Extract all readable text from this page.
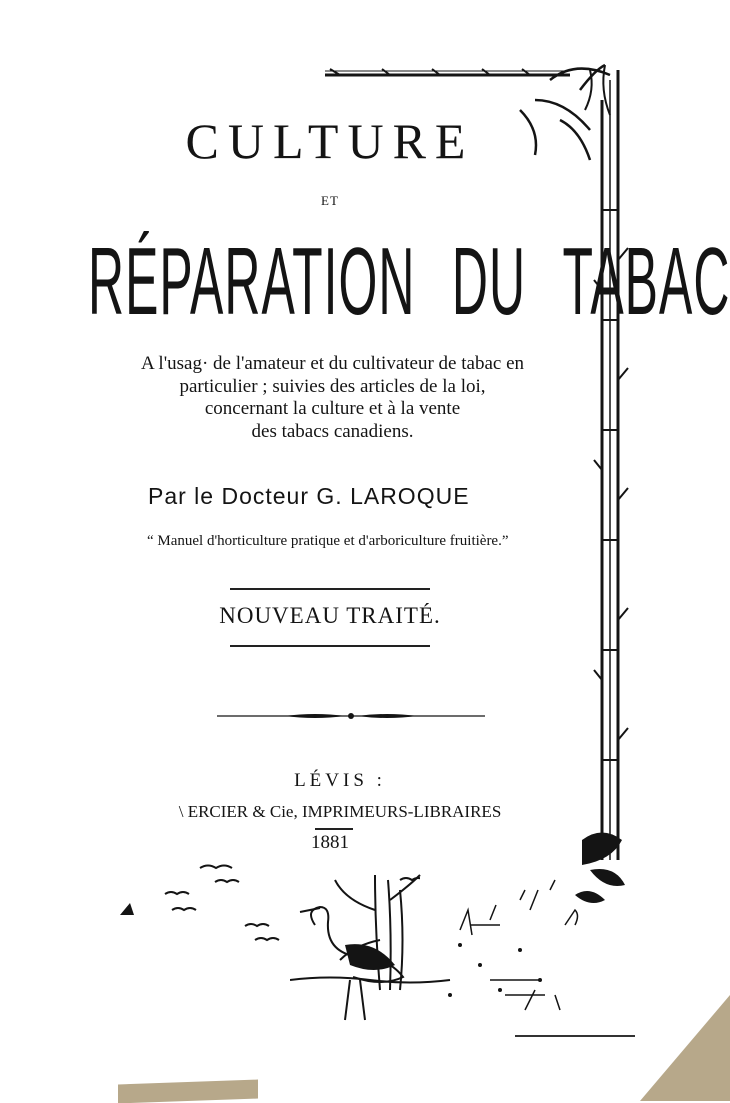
CULTURE
ET
RÉPARATION DU TABAC
A l'usag· de l'amateur et du cultivateur de tabac en
particulier ; suivies des articles de la loi,
concernant la culture et à la vente
des tabacs canadiens.
Par le Docteur G. LAROQUE
“ Manuel d'horticulture pratique et d'arboriculture fruitière.”
NOUVEAU TRAITÉ.
LÉVIS :
\ ERCIER & Cie, IMPRIMEURS-LIBRAIRES
1881
